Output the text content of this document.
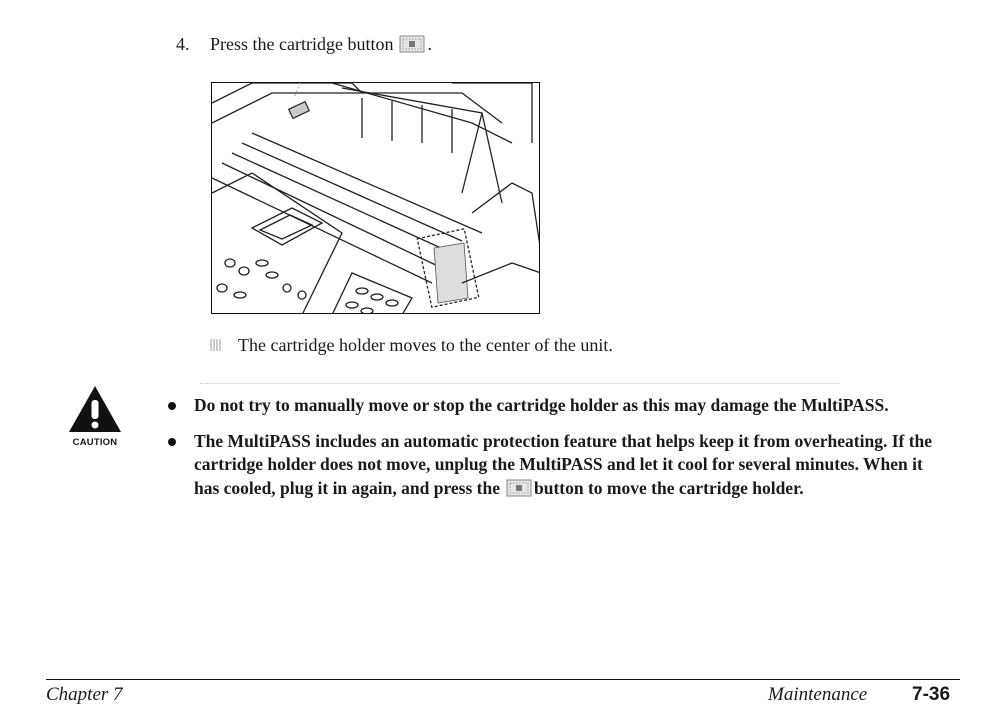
4. Press the cartridge button .
The cartridge holder moves to the center of the unit.
CAUTION
Do not try to manually move or stop the cartridge holder as this may damage the MultiPASS.
The MultiPASS includes an automatic protection feature that helps keep it from overheating. If the cartridge holder does not move, unplug the MultiPASS and let it cool for several minutes. When it has cooled, plug it in again, and press the button to move the cartridge holder.
Chapter 7	Maintenance 7-36
